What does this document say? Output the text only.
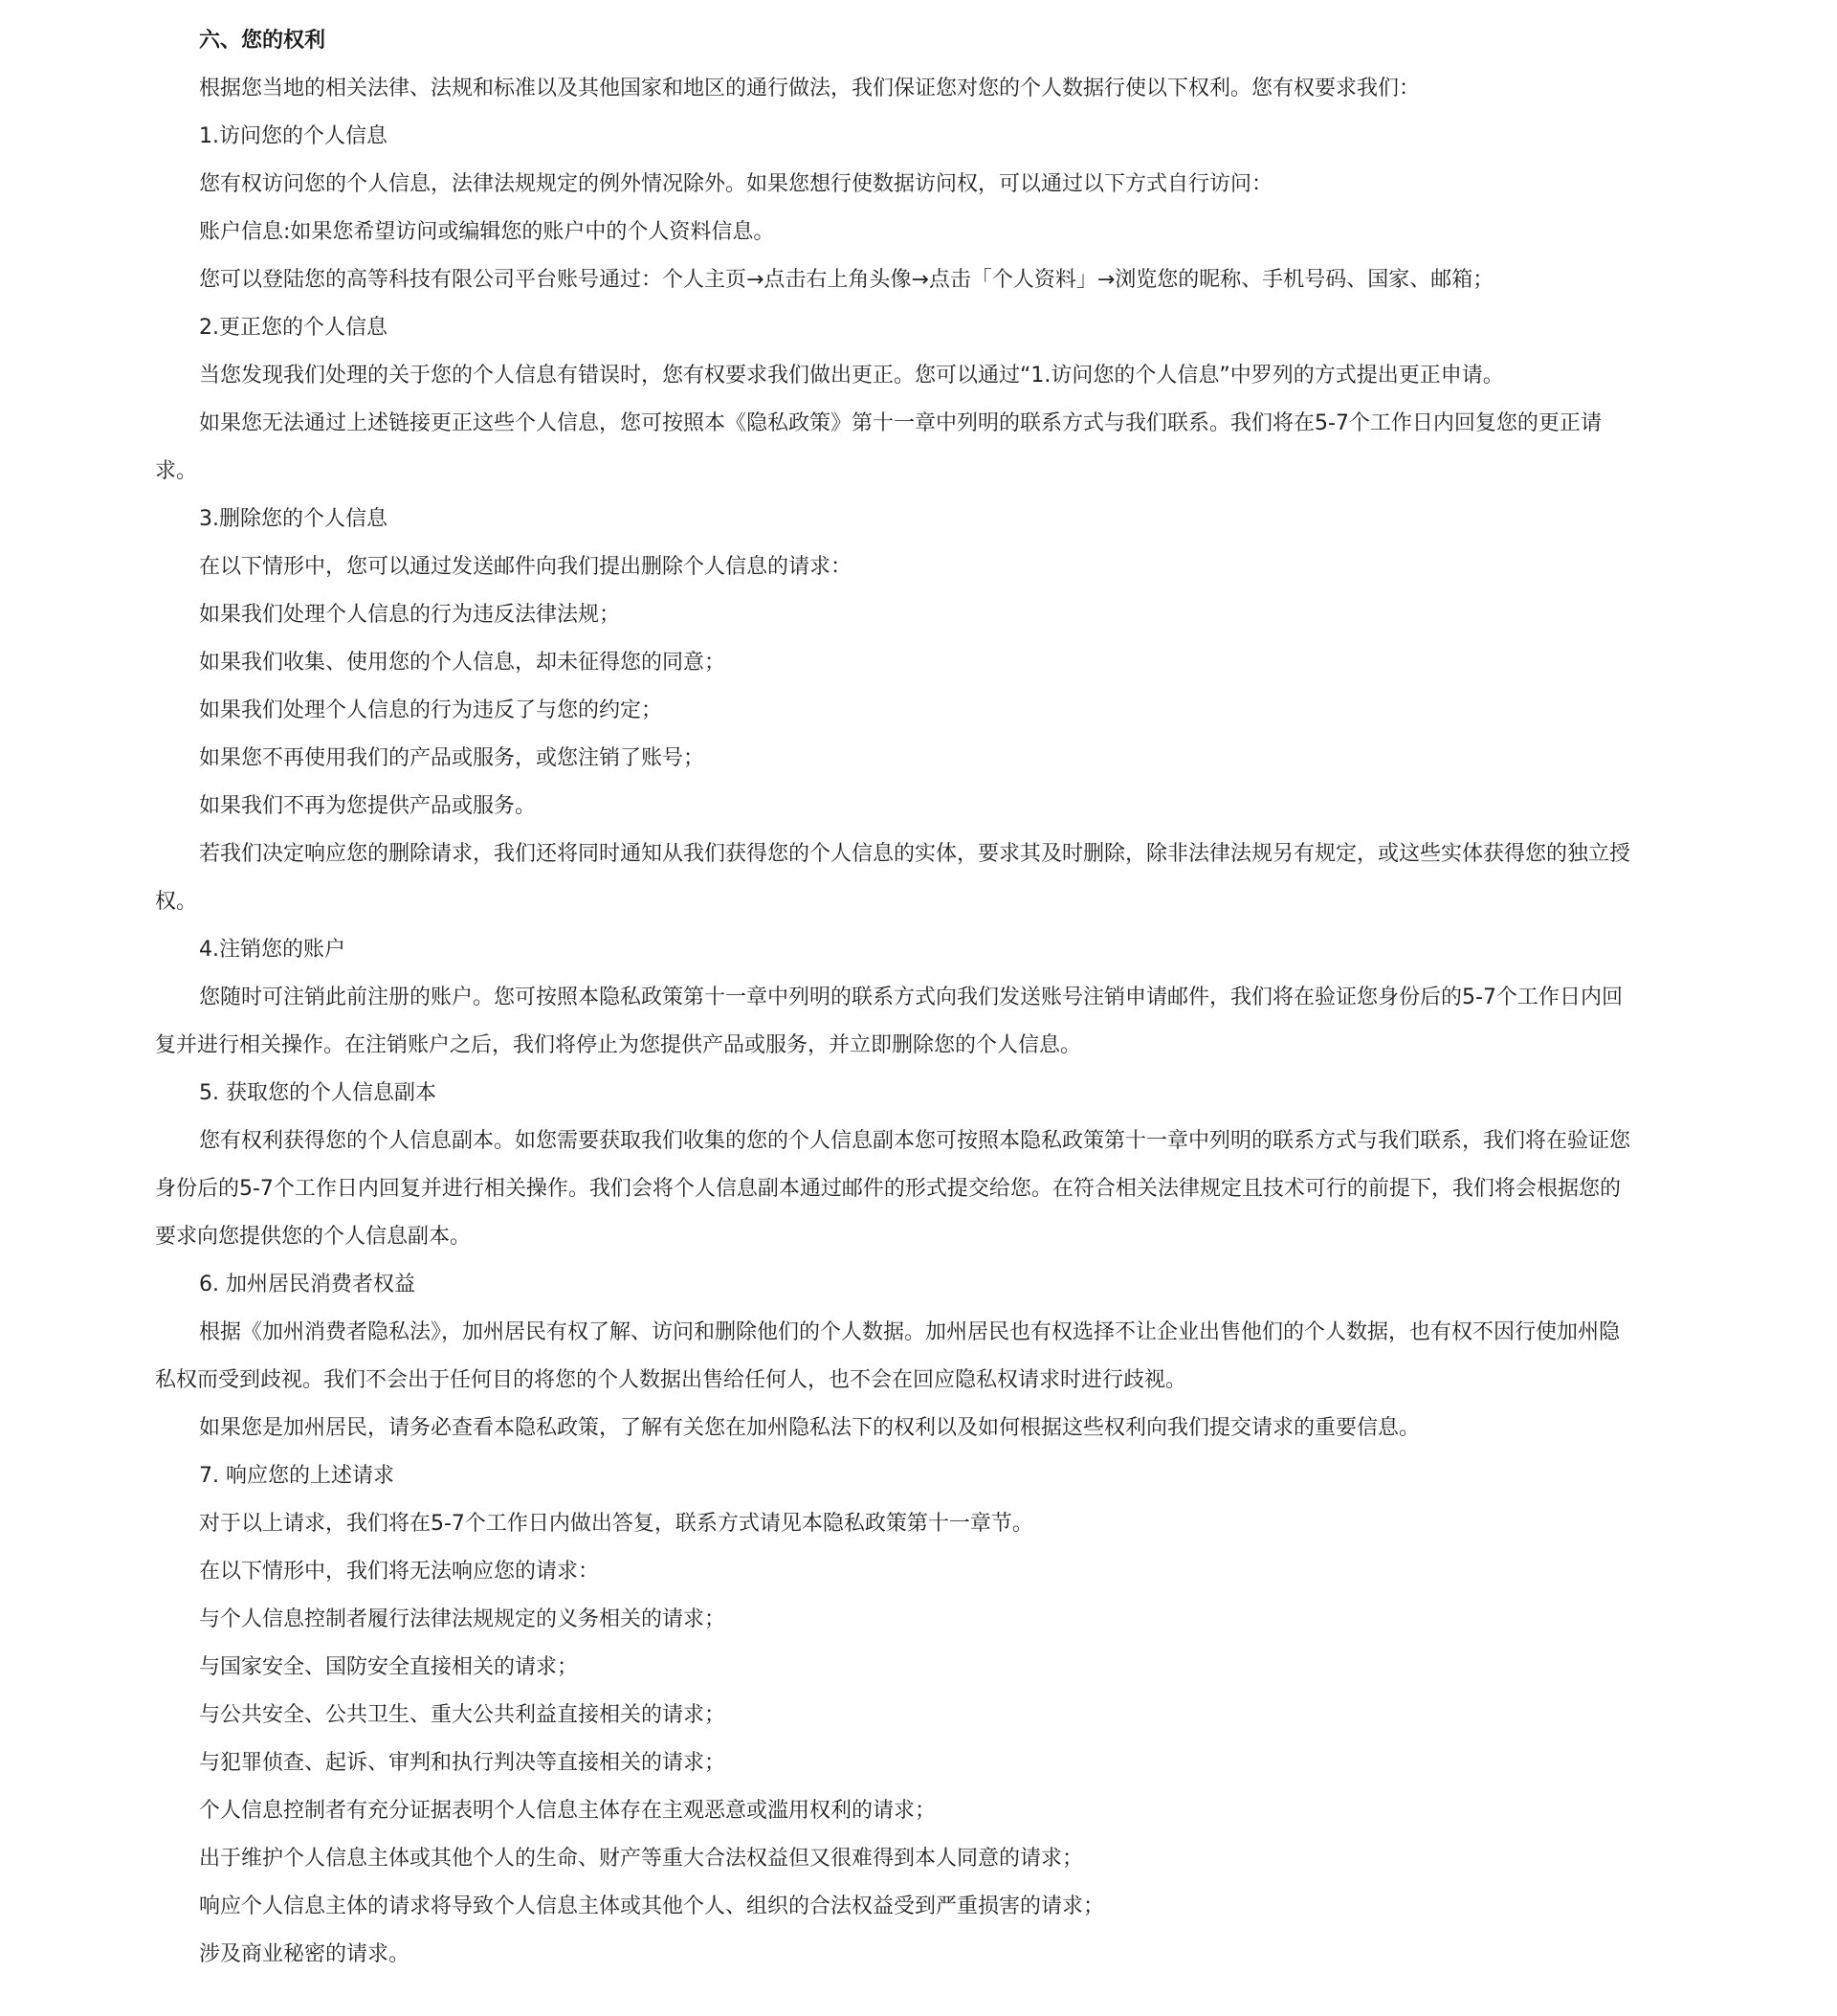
六、您的权利

根据您当地的相关法律、法规和标准以及其他国家和地区的通行做法，我们保证您对您的个人数据行使以下权利。您有权要求我们：

1.访问您的个人信息

您有权访问您的个人信息，法律法规规定的例外情况除外。如果您想行使数据访问权，可以通过以下方式自行访问：

账户信息:如果您希望访问或编辑您的账户中的个人资料信息。

您可以登陆您的高等科技有限公司平台账号通过：个人主页→点击右上角头像→点击「个人资料」→浏览您的昵称、手机号码、国家、邮箱；

2.更正您的个人信息

当您发现我们处理的关于您的个人信息有错误时，您有权要求我们做出更正。您可以通过“1.访问您的个人信息”中罗列的方式提出更正申请。

如果您无法通过上述链接更正这些个人信息，您可按照本《隐私政策》第十一章中列明的联系方式与我们联系。我们将在5-7个工作日内回复您的更正请

求。

3.删除您的个人信息

在以下情形中，您可以通过发送邮件向我们提出删除个人信息的请求：

如果我们处理个人信息的行为违反法律法规；

如果我们收集、使用您的个人信息，却未征得您的同意；

如果我们处理个人信息的行为违反了与您的约定；

如果您不再使用我们的产品或服务，或您注销了账号；

如果我们不再为您提供产品或服务。

若我们决定响应您的删除请求，我们还将同时通知从我们获得您的个人信息的实体，要求其及时删除，除非法律法规另有规定，或这些实体获得您的独立授

权。

4.注销您的账户

您随时可注销此前注册的账户。您可按照本隐私政策第十一章中列明的联系方式向我们发送账号注销申请邮件，我们将在验证您身份后的5-7个工作日内回

复并进行相关操作。在注销账户之后，我们将停止为您提供产品或服务，并立即删除您的个人信息。

5. 获取您的个人信息副本

您有权利获得您的个人信息副本。如您需要获取我们收集的您的个人信息副本您可按照本隐私政策第十一章中列明的联系方式与我们联系，我们将在验证您

身份后的5-7个工作日内回复并进行相关操作。我们会将个人信息副本通过邮件的形式提交给您。在符合相关法律规定且技术可行的前提下，我们将会根据您的

要求向您提供您的个人信息副本。

6. 加州居民消费者权益

根据《加州消费者隐私法》，加州居民有权了解、访问和删除他们的个人数据。加州居民也有权选择不让企业出售他们的个人数据，也有权不因行使加州隐

私权而受到歧视。我们不会出于任何目的将您的个人数据出售给任何人，也不会在回应隐私权请求时进行歧视。

如果您是加州居民，请务必查看本隐私政策，了解有关您在加州隐私法下的权利以及如何根据这些权利向我们提交请求的重要信息。

7. 响应您的上述请求

对于以上请求，我们将在5-7个工作日内做出答复，联系方式请见本隐私政策第十一章节。

在以下情形中，我们将无法响应您的请求：

与个人信息控制者履行法律法规规定的义务相关的请求；

与国家安全、国防安全直接相关的请求；

与公共安全、公共卫生、重大公共利益直接相关的请求；

与犯罪侦查、起诉、审判和执行判决等直接相关的请求；

个人信息控制者有充分证据表明个人信息主体存在主观恶意或滥用权利的请求；

出于维护个人信息主体或其他个人的生命、财产等重大合法权益但又很难得到本人同意的请求；

响应个人信息主体的请求将导致个人信息主体或其他个人、组织的合法权益受到严重损害的请求；

涉及商业秘密的请求。
